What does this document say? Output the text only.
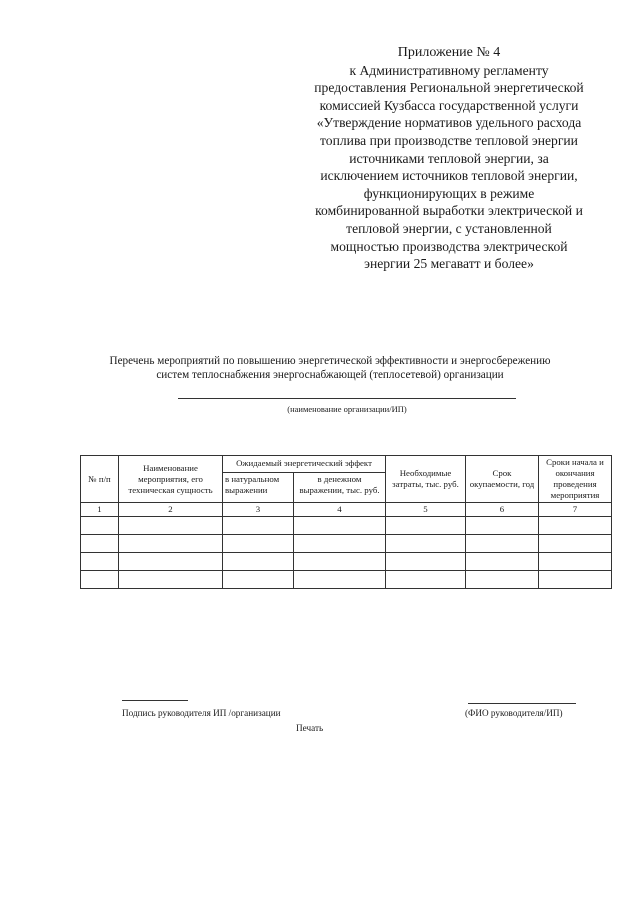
Приложение № 4
к Административному регламенту
предоставления Региональной энергетической
комиссией Кузбасса государственной услуги
«Утверждение нормативов удельного расхода
топлива при производстве тепловой энергии
источниками тепловой энергии, за
исключением источников тепловой энергии,
функционирующих в режиме
комбинированной выработки электрической и
тепловой энергии, с установленной
мощностью производства электрической
энергии 25 мегаватт и более»
Перечень мероприятий по повышению энергетической эффективности и энергосбережению
систем теплоснабжения энергоснабжающей (теплосетевой) организации
(наименование организации/ИП)
№ п/п	Наименование мероприятия, его техническая сущность	Ожидаемый энергетический эффект		Необходимые затраты, тыс. руб.	Срок окупаемости, год	Сроки начала и окончания проведения мероприятия
		в натуральном выражении	в денежном выражении, тыс. руб.			
1	2	3	4	5	6	7

Подпись руководителя ИП /организации	(ФИО руководителя/ИП)
Печать
